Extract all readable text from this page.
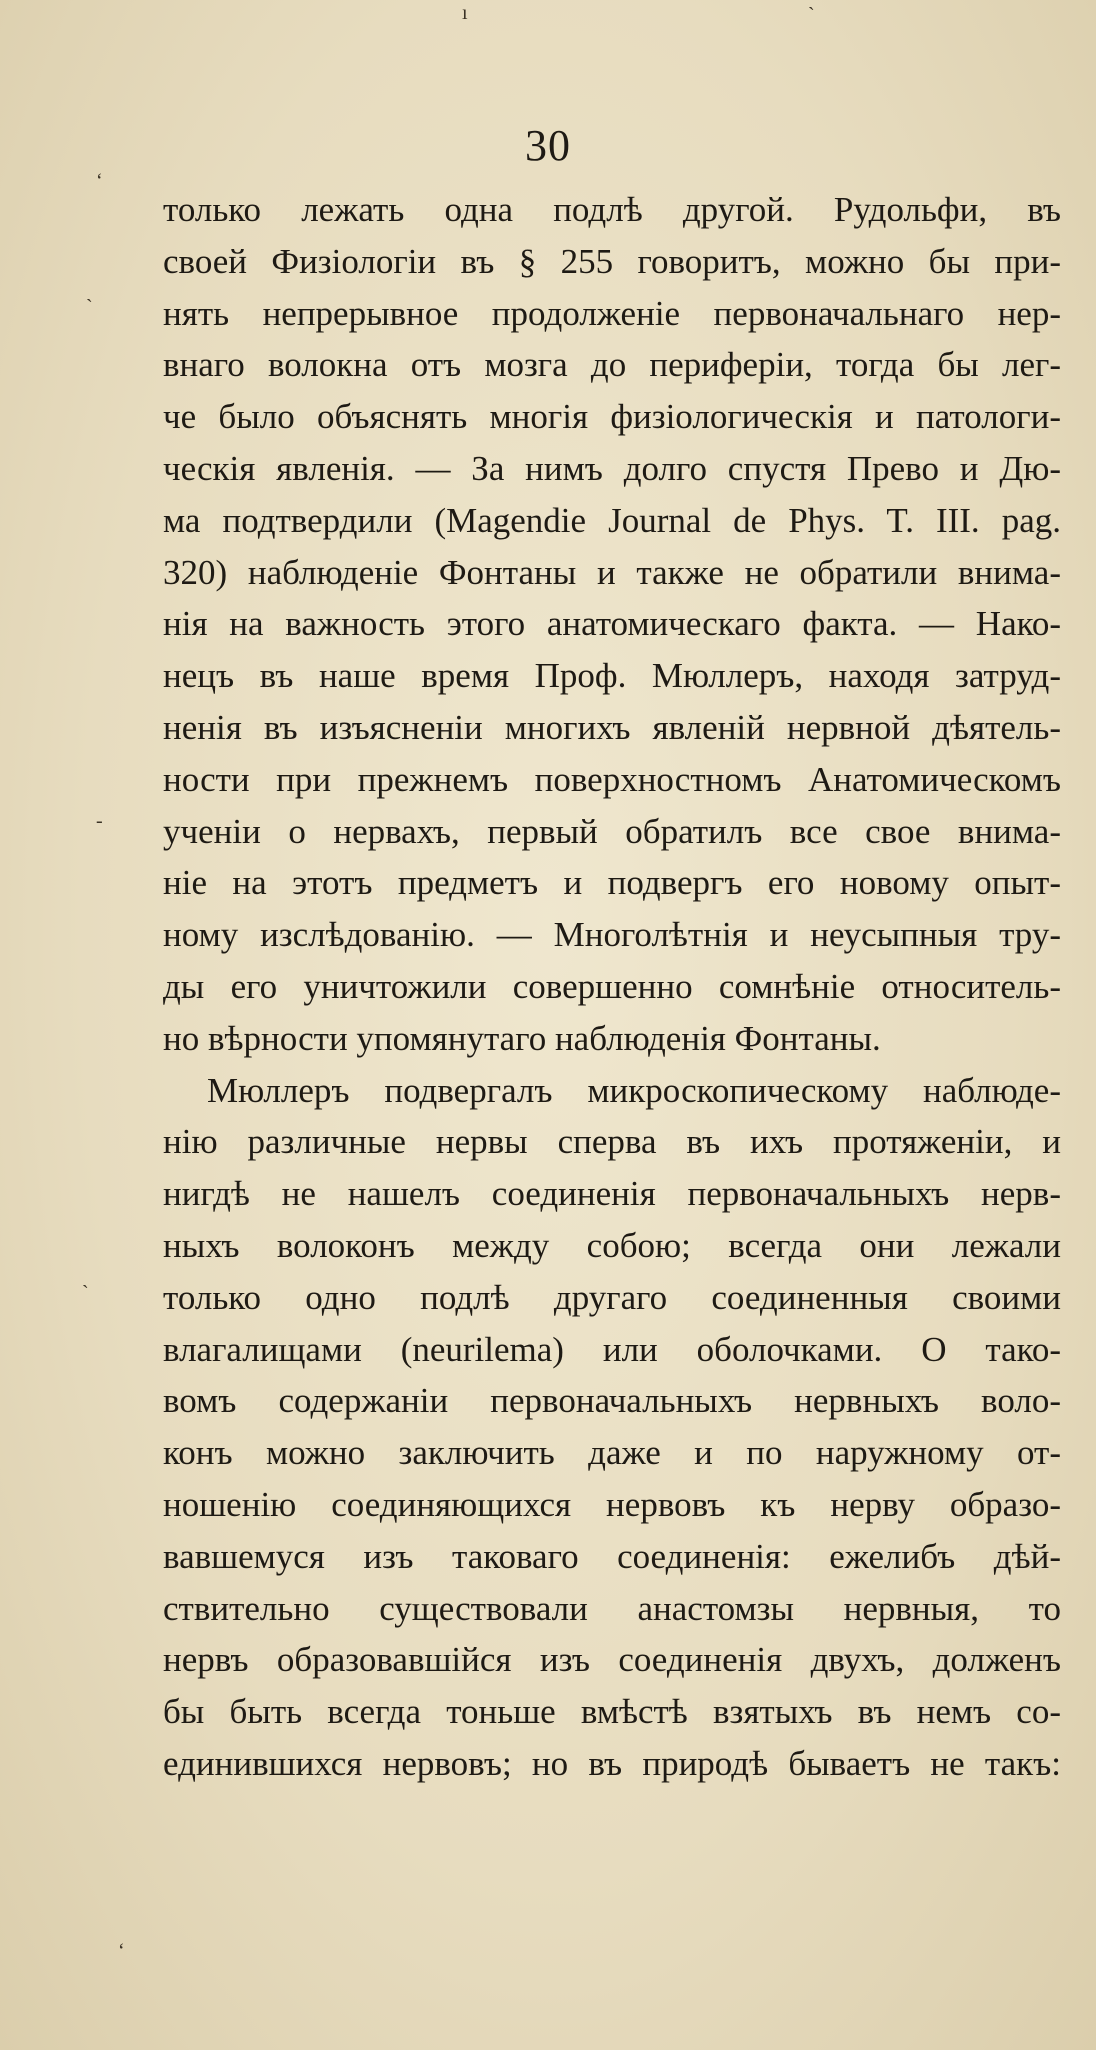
ı	`
ʻ
`
-
`
ʻ
30
только лежать одна подлѣ другой. Рудольфи, въ
своей Физіологіи въ § 255 говоритъ, можно бы при-
нять непрерывное продолженіе первоначальнаго нер-
внаго волокна отъ мозга до периферіи, тогда бы лег-
че было объяснять многія физіологическія и патологи-
ческія явленія. — За нимъ долго спустя Прево и Дю-
ма подтвердили (Magendie Journal de Phys. T. III. pag.
320) наблюденіе Фонтаны и также не обратили внима-
нія на важность этого анатомическаго факта. — Нако-
нецъ въ наше время Проф. Мюллеръ, находя затруд-
ненія въ изъясненіи многихъ явленій нервной дѣятель-
ности при прежнемъ поверхностномъ Анатомическомъ
ученіи о нервахъ, первый обратилъ все свое внима-
ніе на этотъ предметъ и подвергъ его новому опыт-
ному изслѣдованію. — Многолѣтнія и неусыпныя тру-
ды его уничтожили совершенно сомнѣніе относитель-
но вѣрности упомянутаго наблюденія Фонтаны.
Мюллеръ подвергалъ микроскопическому наблюде-
нію различные нервы сперва въ ихъ протяженіи, и
нигдѣ не нашелъ соединенія первоначальныхъ нерв-
ныхъ волоконъ между собою; всегда они лежали
только одно подлѣ другаго соединенныя своими
влагалищами (neurilema) или оболочками. О тако-
вомъ содержаніи первоначальныхъ нервныхъ воло-
конъ можно заключить даже и по наружному от-
ношенію соединяющихся нервовъ къ нерву образо-
вавшемуся изъ таковаго соединенія: ежелибъ дѣй-
ствительно существовали анастомзы нервныя, то
нервъ образовавшійся изъ соединенія двухъ, долженъ
бы быть всегда тоньше вмѣстѣ взятыхъ въ немъ со-
единившихся нервовъ; но въ природѣ бываетъ не такъ:
